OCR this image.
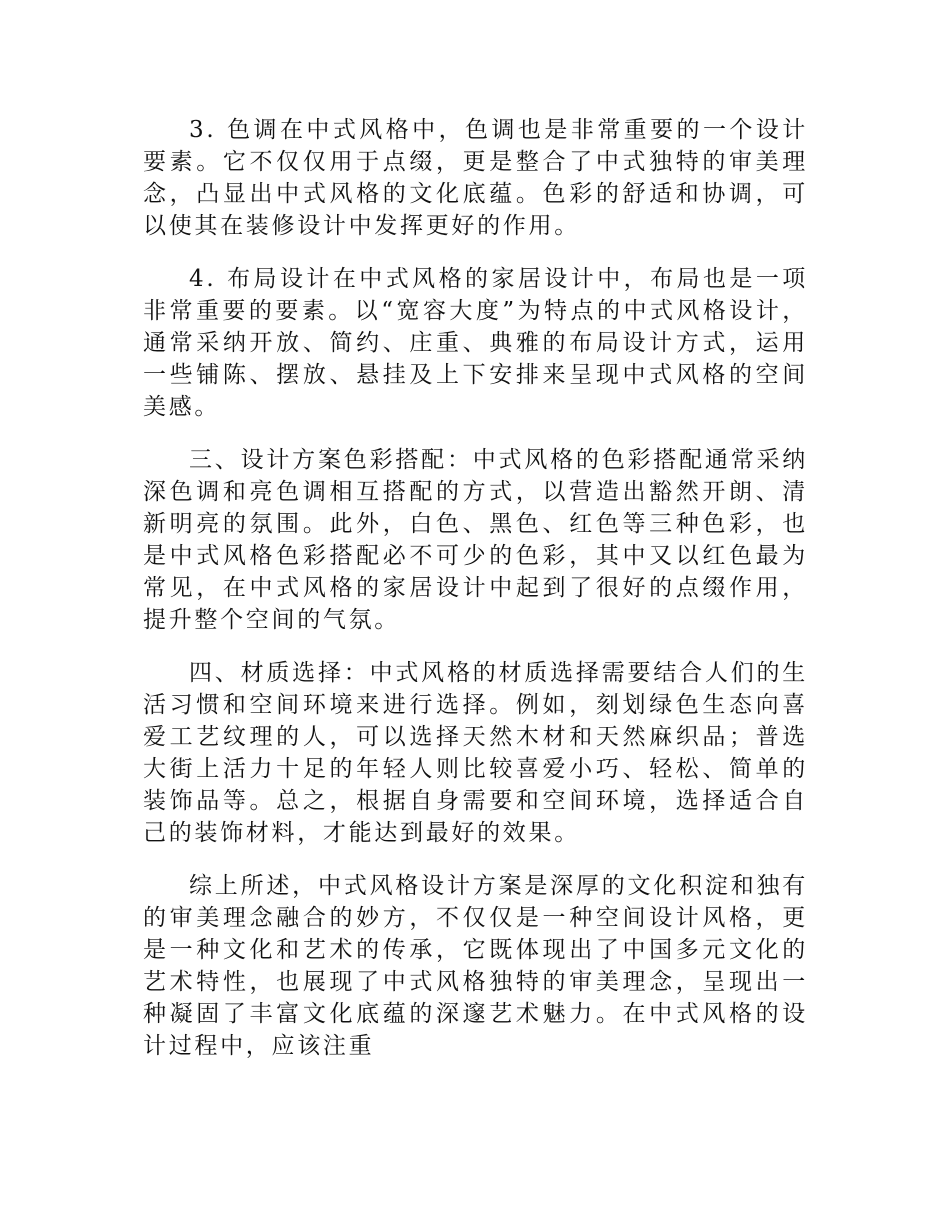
3. 色调在中式风格中，色调也是非常重要的一个设计要素。它不仅仅用于点缀，更是整合了中式独特的审美理念，凸显出中式风格的文化底蕴。色彩的舒适和协调，可以使其在装修设计中发挥更好的作用。

4. 布局设计在中式风格的家居设计中，布局也是一项非常重要的要素。以“宽容大度”为特点的中式风格设计，通常采纳开放、简约、庄重、典雅的布局设计方式，运用一些铺陈、摆放、悬挂及上下安排来呈现中式风格的空间美感。

三、设计方案色彩搭配：中式风格的色彩搭配通常采纳深色调和亮色调相互搭配的方式，以营造出豁然开朗、清新明亮的氛围。此外，白色、黑色、红色等三种色彩，也是中式风格色彩搭配必不可少的色彩，其中又以红色最为常见，在中式风格的家居设计中起到了很好的点缀作用，提升整个空间的气氛。

四、材质选择：中式风格的材质选择需要结合人们的生活习惯和空间环境来进行选择。例如，刻划绿色生态向喜爱工艺纹理的人，可以选择天然木材和天然麻织品；普选大街上活力十足的年轻人则比较喜爱小巧、轻松、简单的装饰品等。总之，根据自身需要和空间环境，选择适合自己的装饰材料，才能达到最好的效果。

综上所述，中式风格设计方案是深厚的文化积淀和独有的审美理念融合的妙方，不仅仅是一种空间设计风格，更是一种文化和艺术的传承，它既体现出了中国多元文化的艺术特性，也展现了中式风格独特的审美理念，呈现出一种凝固了丰富文化底蕴的深邃艺术魅力。在中式风格的设计过程中，应该注重
